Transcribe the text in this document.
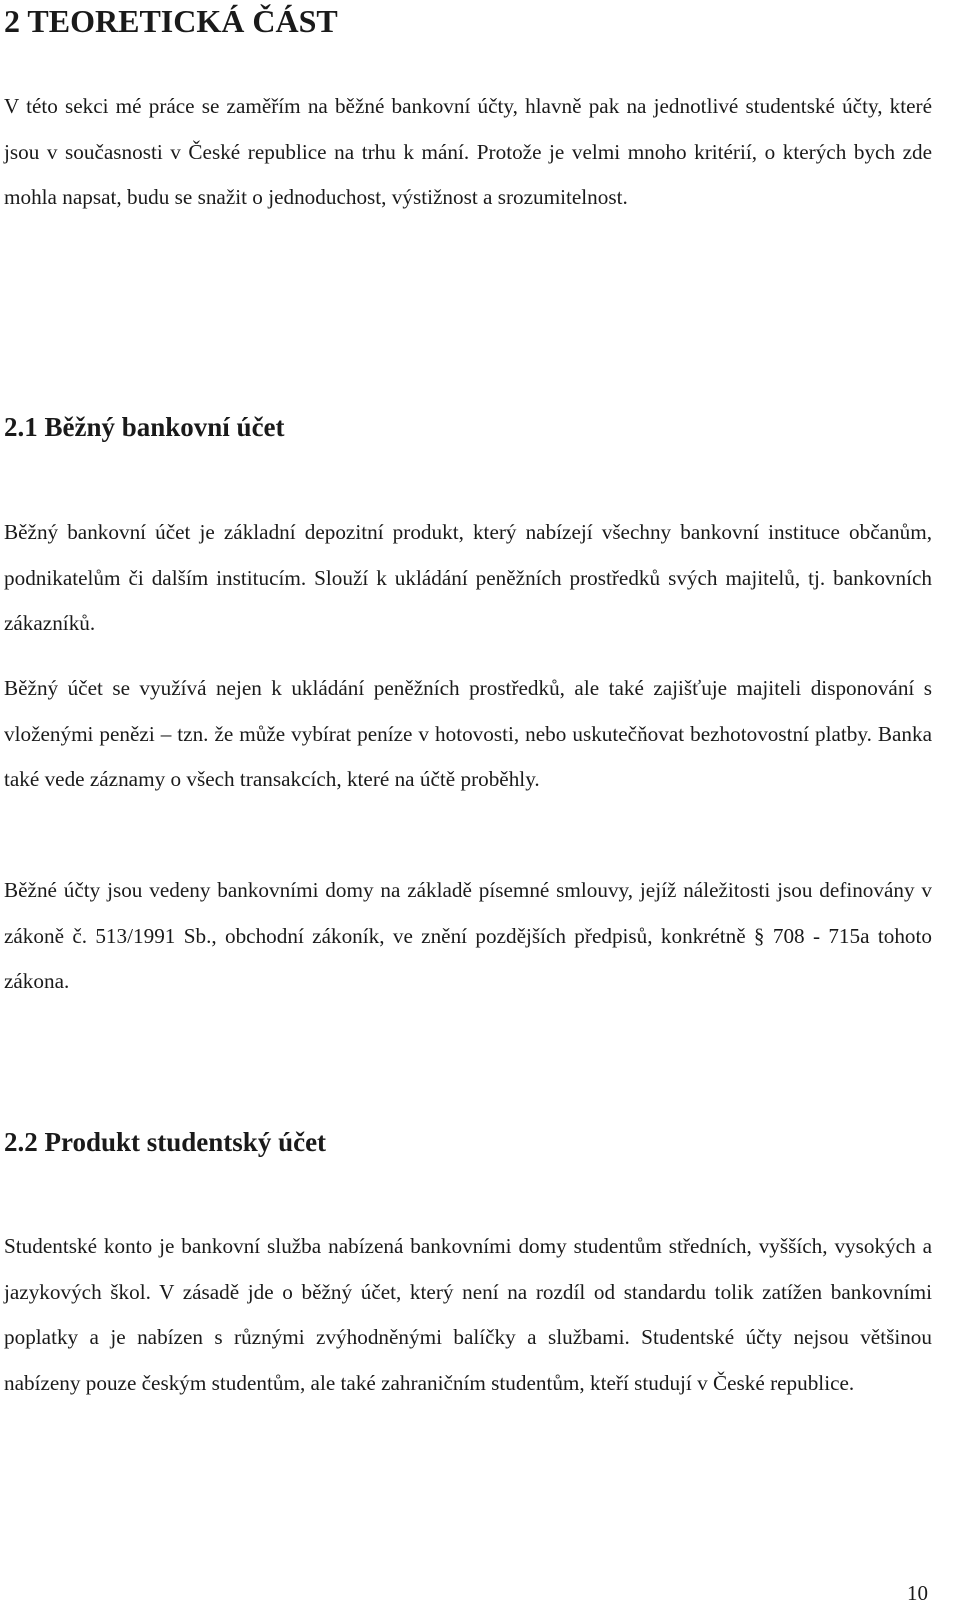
2 TEORETICKÁ ČÁST

V této sekci mé práce se zaměřím na běžné bankovní účty, hlavně pak na jednotlivé studentské účty, které jsou v současnosti v České republice na trhu k mání. Protože je velmi mnoho kritérií, o kterých bych zde mohla napsat, budu se snažit o jednoduchost, výstižnost a srozumitelnost.

2.1 Běžný bankovní účet

Běžný bankovní účet je základní depozitní produkt, který nabízejí všechny bankovní instituce občanům, podnikatelům či dalším institucím. Slouží k ukládání peněžních prostředků svých majitelů, tj. bankovních zákazníků.

Běžný účet se využívá nejen k ukládání peněžních prostředků, ale také zajišťuje majiteli disponování s vloženými penězi – tzn. že může vybírat peníze v hotovosti, nebo uskutečňovat bezhotovostní platby. Banka také vede záznamy o všech transakcích, které na účtě proběhly.

Běžné účty jsou vedeny bankovními domy na základě písemné smlouvy, jejíž náležitosti jsou definovány v zákoně č. 513/1991 Sb., obchodní zákoník, ve znění pozdějších předpisů, konkrétně § 708 - 715a tohoto zákona.

2.2 Produkt studentský účet

Studentské konto je bankovní služba nabízená bankovními domy studentům středních, vyšších, vysokých a jazykových škol. V zásadě jde o běžný účet, který není na rozdíl od standardu tolik zatížen bankovními poplatky a je nabízen s různými zvýhodněnými balíčky a službami. Studentské účty nejsou většinou nabízeny pouze českým studentům, ale také zahraničním studentům, kteří studují v České republice.

10
